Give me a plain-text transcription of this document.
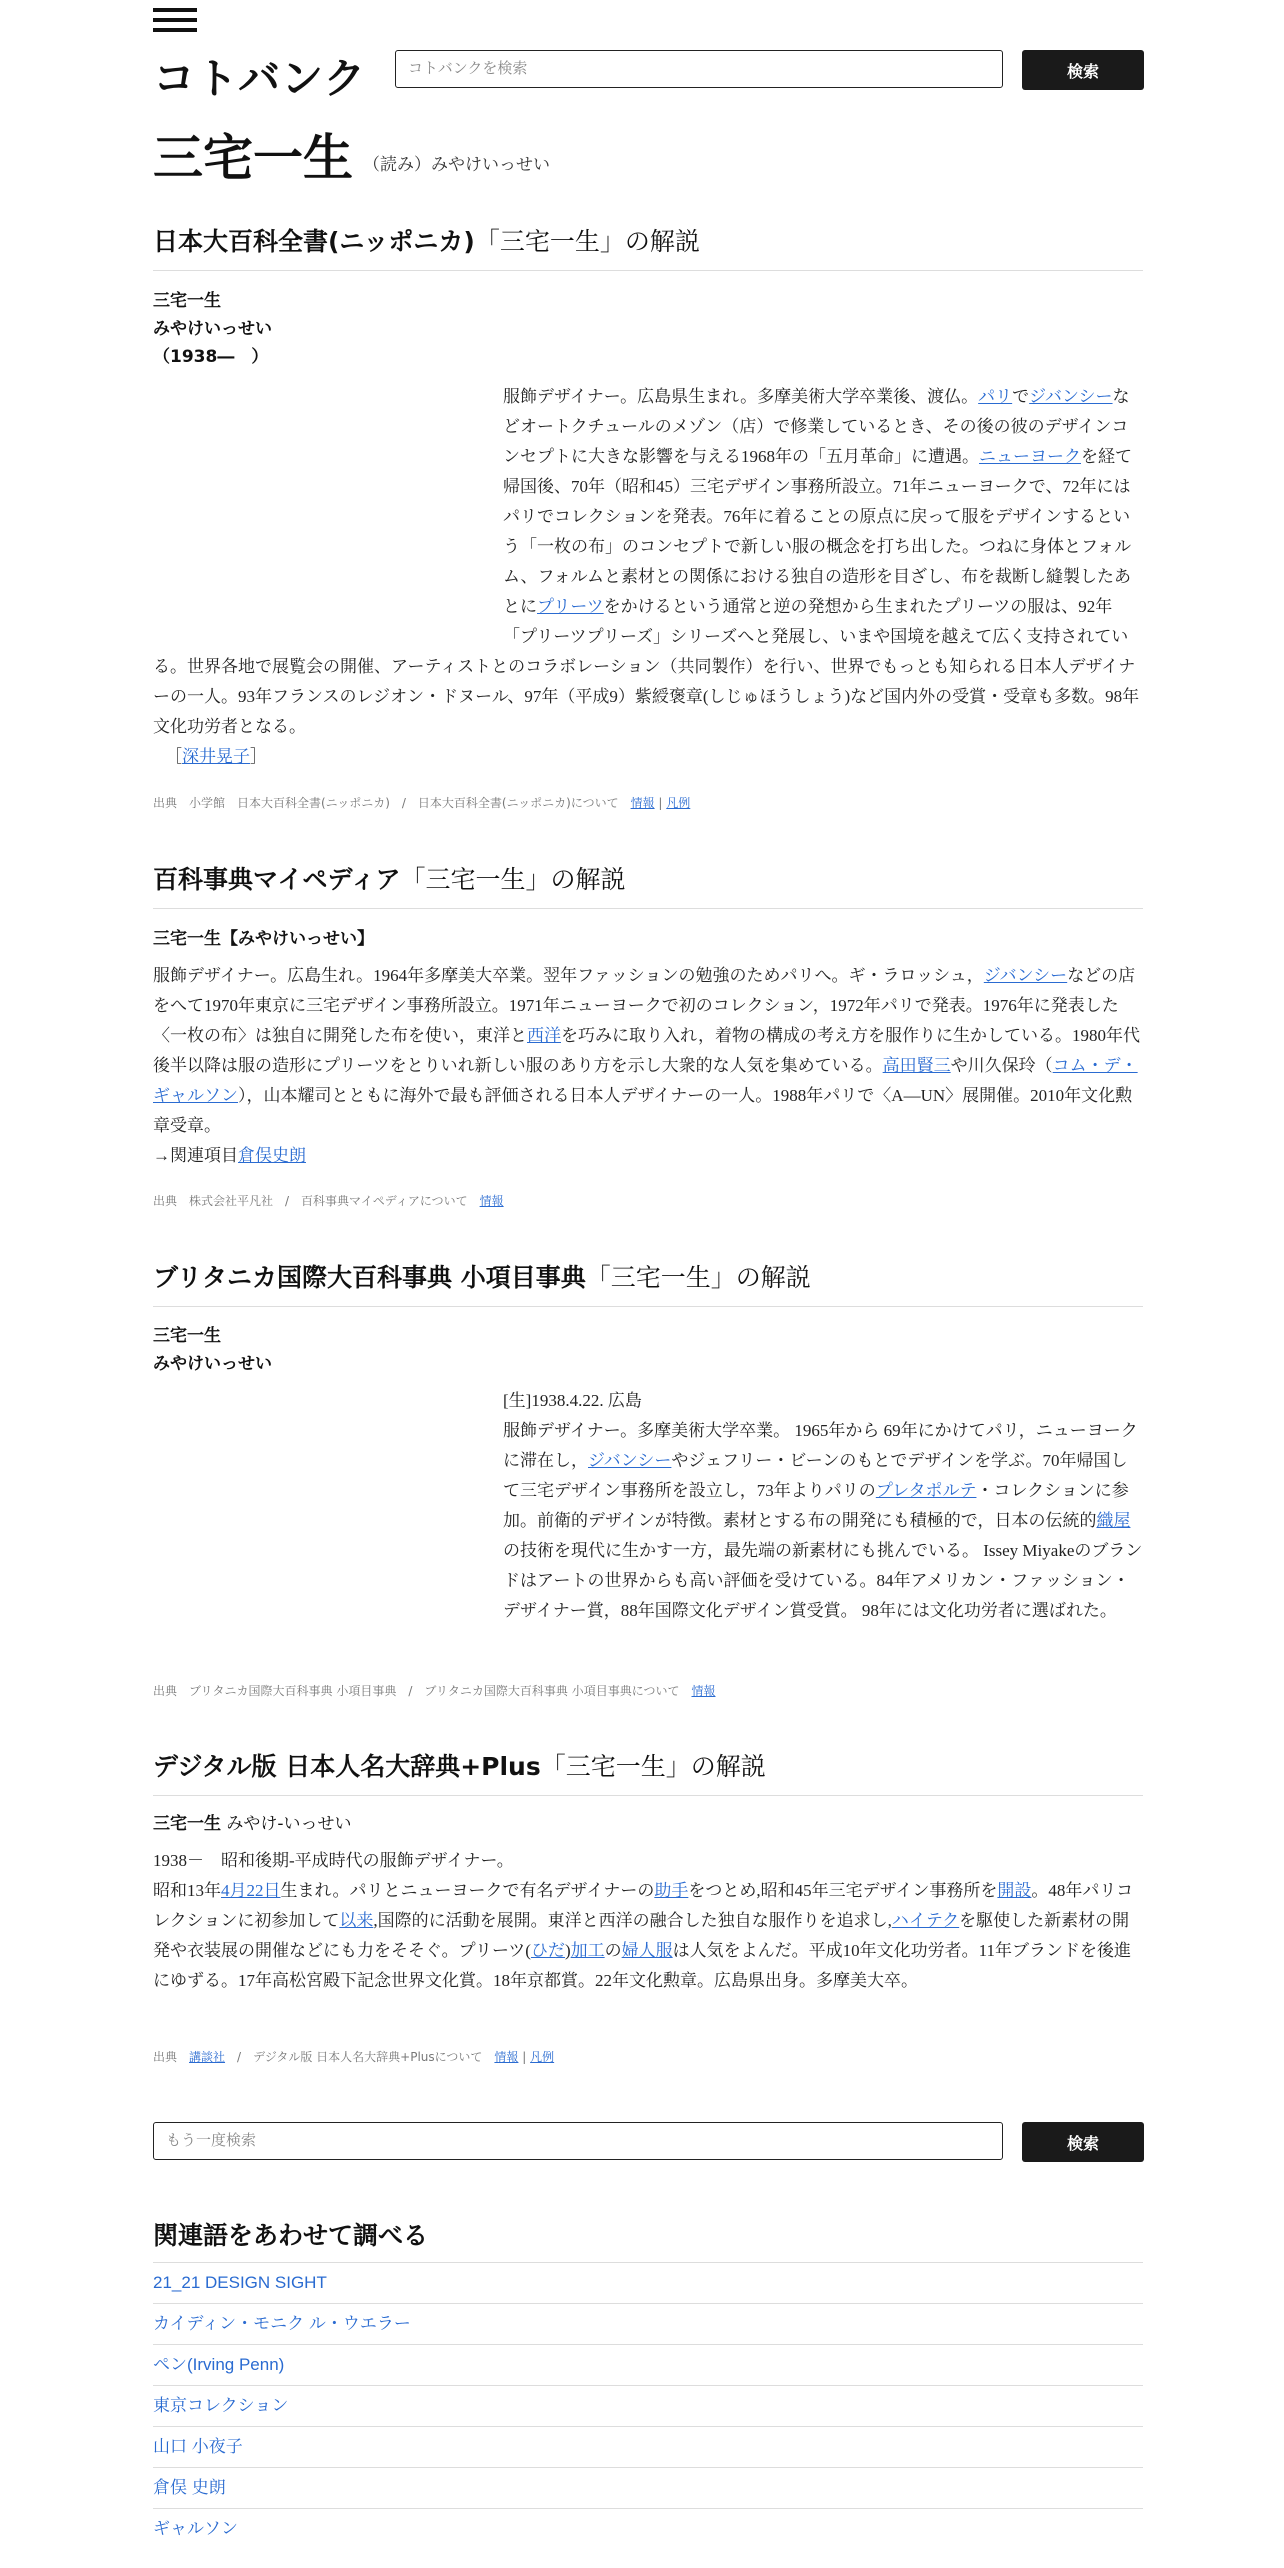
コトバンク	コトバンクを検索	検索
三宅一生 （読み）みやけいっせい
日本大百科全書(ニッポニカ)「三宅一生」の解説
三宅一生
みやけいっせい
（1938―　）
服飾デザイナー。広島県生まれ。多摩美術大学卒業後、渡仏。パリでジバンシーなどオートクチュールのメゾン（店）で修業しているとき、その後の彼のデザインコンセプトに大きな影響を与える1968年の「五月革命」に遭遇。ニューヨークを経て帰国後、70年（昭和45）三宅デザイン事務所設立。71年ニューヨークで、72年にはパリでコレクションを発表。76年に着ることの原点に戻って服をデザインするという「一枚の布」のコンセプトで新しい服の概念を打ち出した。つねに身体とフォルム、フォルムと素材との関係における独自の造形を目ざし、布を裁断し縫製したあとにプリーツをかけるという通常と逆の発想から生まれたプリーツの服は、92年「プリーツプリーズ」シリーズへと発展し、いまや国境を越えて広く支持されている。世界各地で展覧会の開催、アーティストとのコラボレーション（共同製作）を行い、世界でもっとも知られる日本人デザイナーの一人。93年フランスのレジオン・ドヌール、97年（平成9）紫綬褒章(しじゅほうしょう)など国内外の受賞・受章も多数。98年文化功労者となる。
［深井晃子］
出典　小学館　日本大百科全書(ニッポニカ)　/　日本大百科全書(ニッポニカ)について　情報 | 凡例
百科事典マイペディア「三宅一生」の解説
三宅一生【みやけいっせい】
服飾デザイナー。広島生れ。1964年多摩美大卒業。翌年ファッションの勉強のためパリへ。ギ・ラロッシュ，ジバンシーなどの店をへて1970年東京に三宅デザイン事務所設立。1971年ニューヨークで初のコレクション，1972年パリで発表。1976年に発表した〈一枚の布〉は独自に開発した布を使い，東洋と西洋を巧みに取り入れ，着物の構成の考え方を服作りに生かしている。1980年代後半以降は服の造形にプリーツをとりいれ新しい服のあり方を示し大衆的な人気を集めている。高田賢三や川久保玲（コム・デ・ギャルソン），山本耀司とともに海外で最も評価される日本人デザイナーの一人。1988年パリで〈A―UN〉展開催。2010年文化勲章受章。
→関連項目倉俣史朗
出典　株式会社平凡社　/　百科事典マイペディアについて　情報
ブリタニカ国際大百科事典 小項目事典「三宅一生」の解説
三宅一生
みやけいっせい
[生]1938.4.22. 広島
服飾デザイナー。多摩美術大学卒業。 1965年から 69年にかけてパリ，ニューヨークに滞在し，ジバンシーやジェフリー・ビーンのもとでデザインを学ぶ。70年帰国して三宅デザイン事務所を設立し，73年よりパリのプレタポルテ・コレクションに参加。前衛的デザインが特徴。素材とする布の開発にも積極的で，日本の伝統的織屋の技術を現代に生かす一方，最先端の新素材にも挑んでいる。 Issey Miyakeのブランドはアートの世界からも高い評価を受けている。84年アメリカン・ファッション・デザイナー賞，88年国際文化デザイン賞受賞。 98年には文化功労者に選ばれた。
出典　ブリタニカ国際大百科事典 小項目事典　/　ブリタニカ国際大百科事典 小項目事典について　情報
デジタル版 日本人名大辞典+Plus「三宅一生」の解説
三宅一生 みやけ-いっせい
1938－　昭和後期-平成時代の服飾デザイナー。
昭和13年4月22日生まれ。パリとニューヨークで有名デザイナーの助手をつとめ,昭和45年三宅デザイン事務所を開設。48年パリコレクションに初参加して以来,国際的に活動を展開。東洋と西洋の融合した独自な服作りを追求し,ハイテクを駆使した新素材の開発や衣装展の開催などにも力をそそぐ。プリーツ(ひだ)加工の婦人服は人気をよんだ。平成10年文化功労者。11年ブランドを後進にゆずる。17年高松宮殿下記念世界文化賞。18年京都賞。22年文化勲章。広島県出身。多摩美大卒。
出典　講談社　/　デジタル版 日本人名大辞典+Plusについて　情報 | 凡例
もう一度検索	検索
関連語をあわせて調べる
21_21 DESIGN SIGHT
カイディン・モニク ル・ウエラー
ペン(Irving Penn)
東京コレクション
山口 小夜子
倉俣 史朗
ギャルソン
